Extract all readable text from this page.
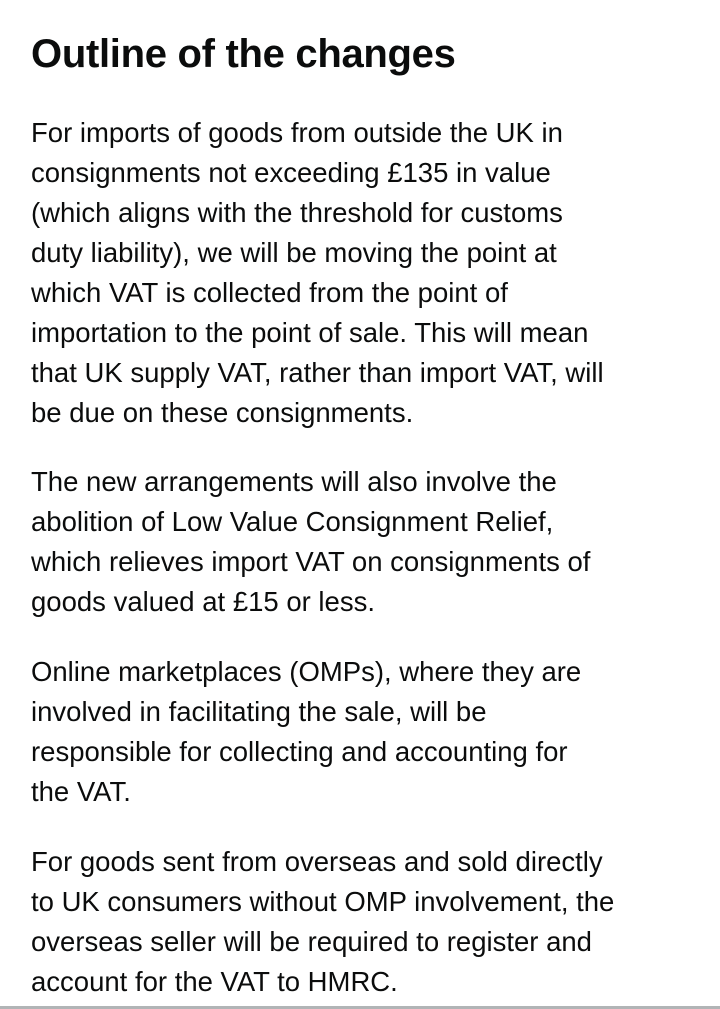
Outline of the changes

For imports of goods from outside the UK in
consignments not exceeding £135 in value
(which aligns with the threshold for customs
duty liability), we will be moving the point at
which VAT is collected from the point of
importation to the point of sale. This will mean
that UK supply VAT, rather than import VAT, will
be due on these consignments.

The new arrangements will also involve the
abolition of Low Value Consignment Relief,
which relieves import VAT on consignments of
goods valued at £15 or less.

Online marketplaces (OMPs), where they are
involved in facilitating the sale, will be
responsible for collecting and accounting for
the VAT.

For goods sent from overseas and sold directly
to UK consumers without OMP involvement, the
overseas seller will be required to register and
account for the VAT to HMRC.
